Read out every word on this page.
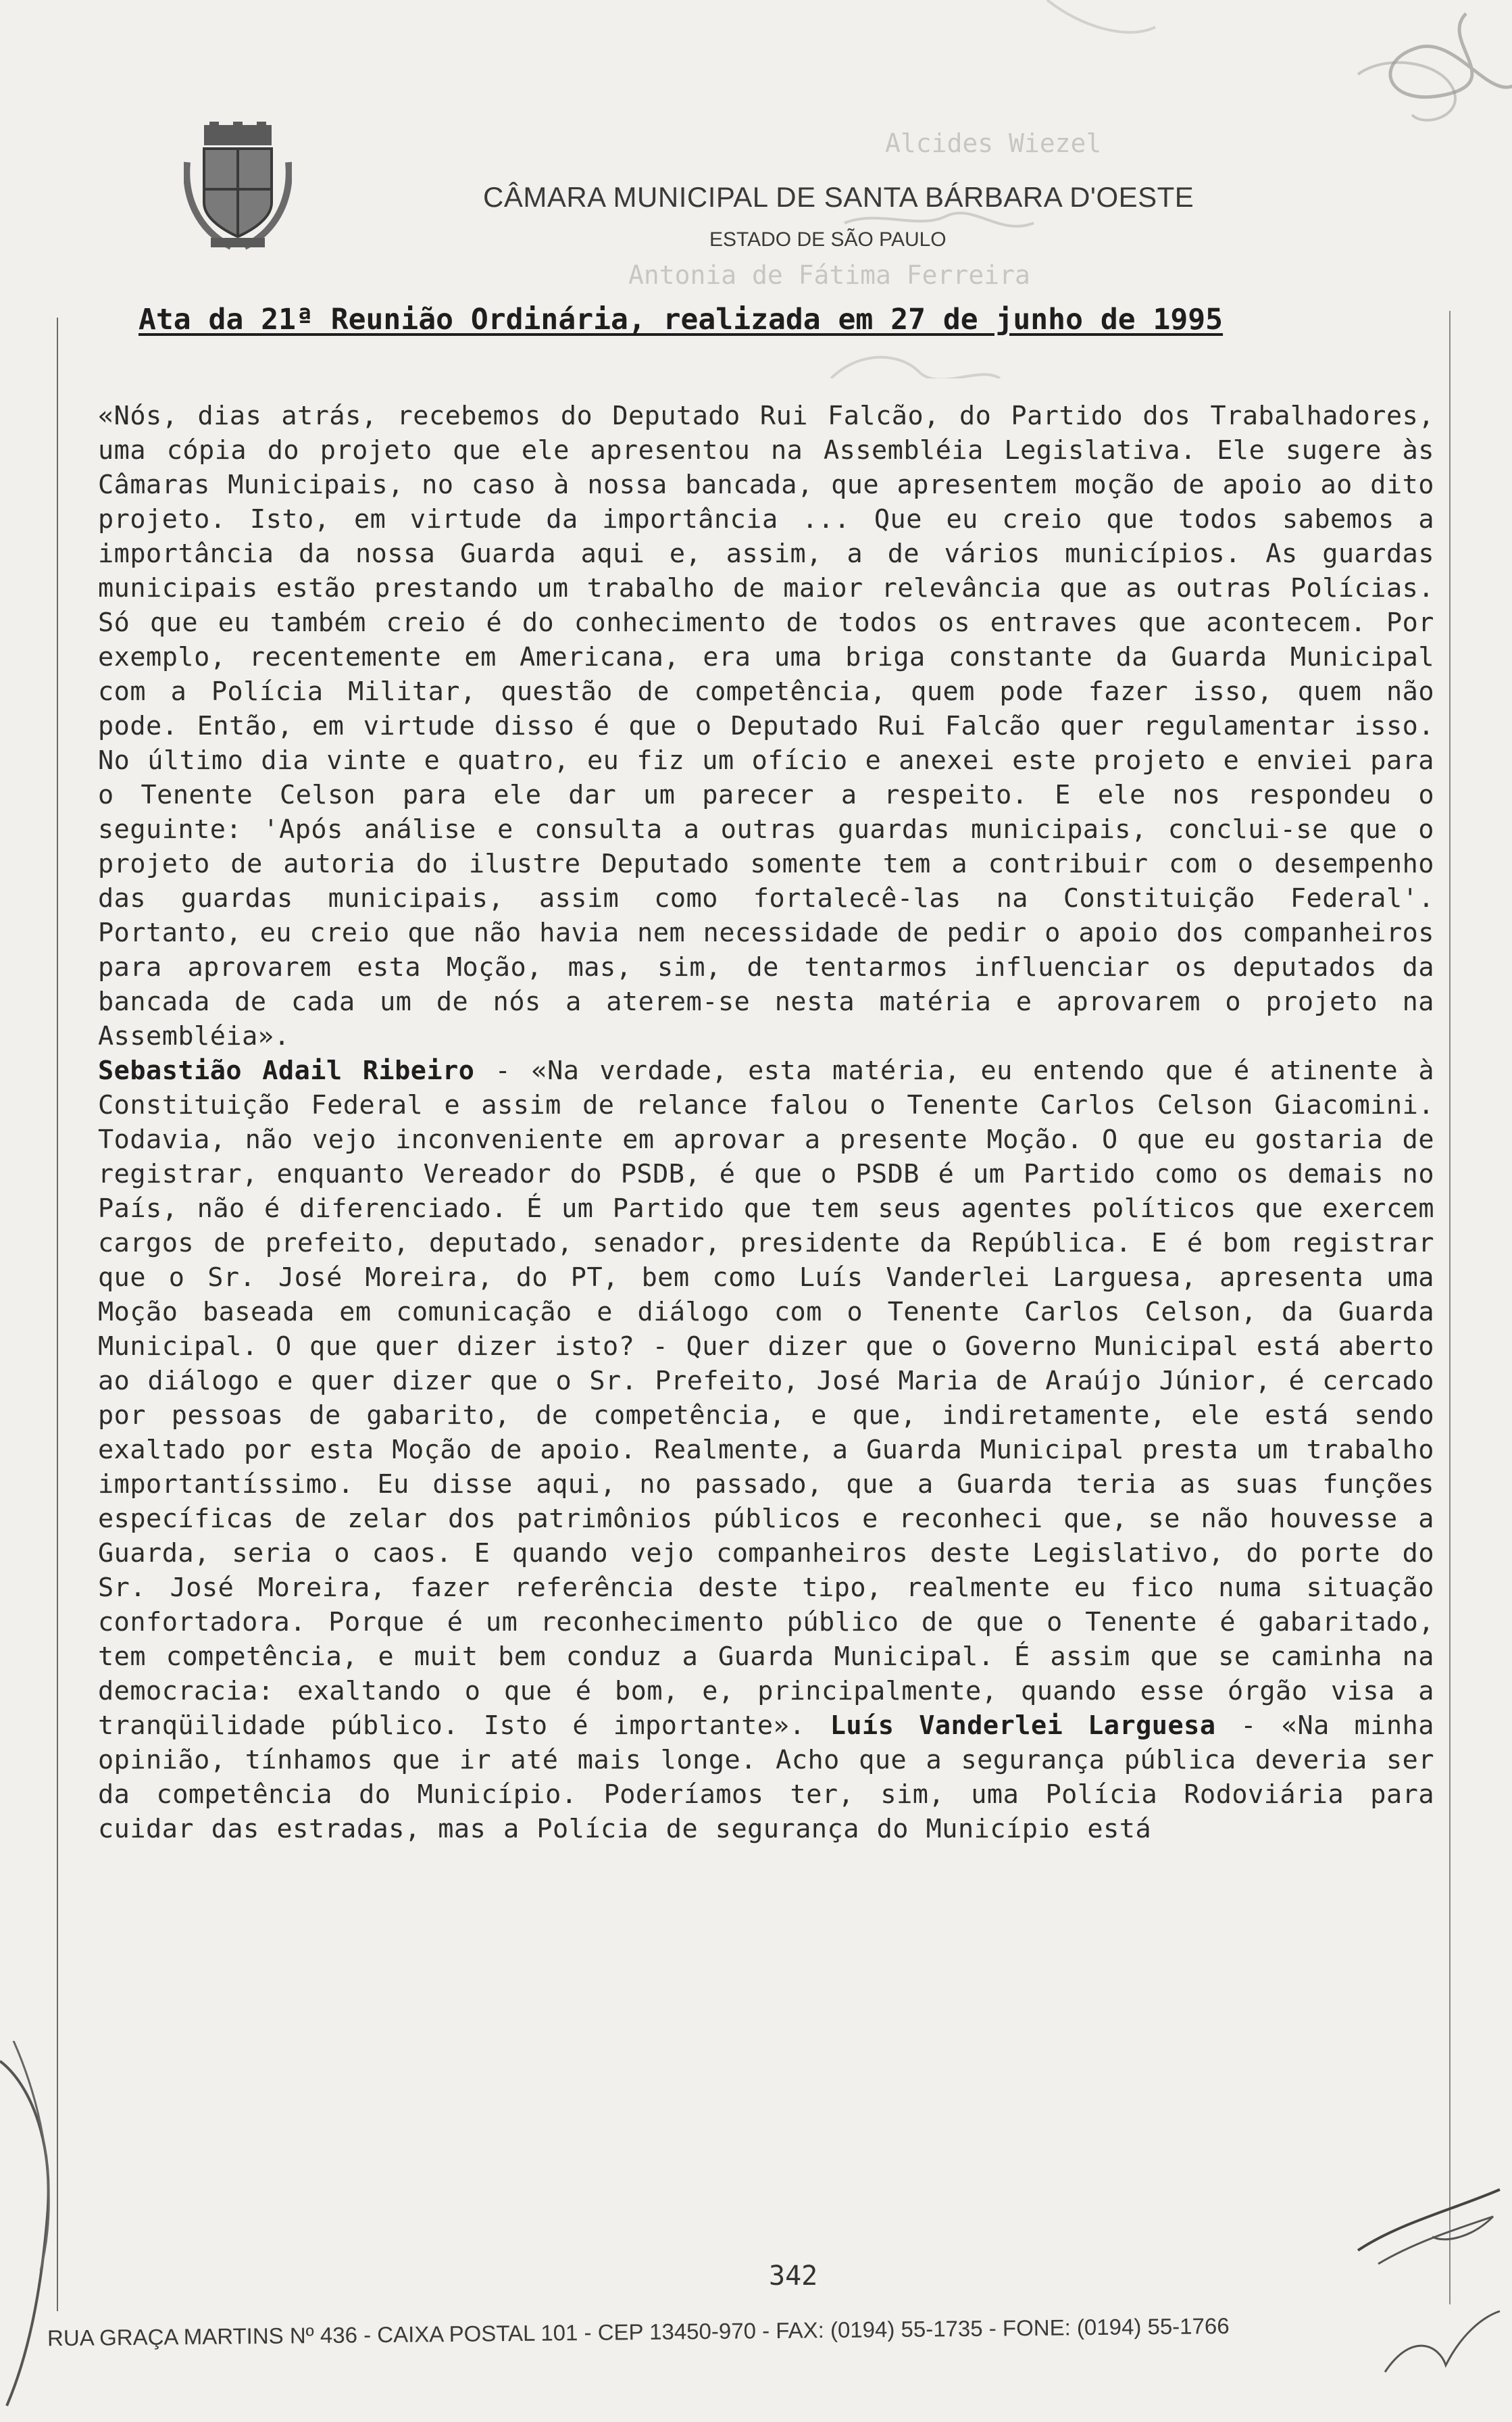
Alcides Wiezel
Antonia de Fátima Ferreira
CÂMARA MUNICIPAL DE SANTA BÁRBARA D'OESTE
ESTADO DE SÃO PAULO
Ata da 21ª Reunião Ordinária, realizada em 27 de junho de 1995

«Nós, dias atrás, recebemos do Deputado Rui Falcão, do Partido dos Trabalhadores, uma cópia do projeto que ele apresentou na Assembléia Legislativa. Ele sugere às Câmaras Municipais, no caso à nossa bancada, que apresentem moção de apoio ao dito projeto. Isto, em virtude da importância ... Que eu creio que todos sabemos a importância da nossa Guarda aqui e, assim, a de vários municípios. As guardas municipais estão prestando um trabalho de maior relevância que as outras Polícias. Só que eu também creio é do conhecimento de todos os entraves que acontecem. Por exemplo, recentemente em Americana, era uma briga constante da Guarda Municipal com a Polícia Militar, questão de competência, quem pode fazer isso, quem não pode. Então, em virtude disso é que o Deputado Rui Falcão quer regulamentar isso. No último dia vinte e quatro, eu fiz um ofício e anexei este projeto e enviei para o Tenente Celson para ele dar um parecer a respeito. E ele nos respondeu o seguinte: 'Após análise e consulta a outras guardas municipais, conclui-se que o projeto de autoria do ilustre Deputado somente tem a contribuir com o desempenho das guardas municipais, assim como fortalecê-las na Constituição Federal'. Portanto, eu creio que não havia nem necessidade de pedir o apoio dos companheiros para aprovarem esta Moção, mas, sim, de tentarmos influenciar os deputados da bancada de cada um de nós a aterem-se nesta matéria e aprovarem o projeto na Assembléia».
Sebastião Adail Ribeiro - «Na verdade, esta matéria, eu entendo que é atinente à Constituição Federal e assim de relance falou o Tenente Carlos Celson Giacomini. Todavia, não vejo inconveniente em aprovar a presente Moção. O que eu gostaria de registrar, enquanto Vereador do PSDB, é que o PSDB é um Partido como os demais no País, não é diferenciado. É um Partido que tem seus agentes políticos que exercem cargos de prefeito, deputado, senador, presidente da República. E é bom registrar que o Sr. José Moreira, do PT, bem como Luís Vanderlei Larguesa, apresenta uma Moção baseada em comunicação e diálogo com o Tenente Carlos Celson, da Guarda Municipal. O que quer dizer isto? - Quer dizer que o Governo Municipal está aberto ao diálogo e quer dizer que o Sr. Prefeito, José Maria de Araújo Júnior, é cercado por pessoas de gabarito, de competência, e que, indiretamente, ele está sendo exaltado por esta Moção de apoio. Realmente, a Guarda Municipal presta um trabalho importantíssimo. Eu disse aqui, no passado, que a Guarda teria as suas funções específicas de zelar dos patrimônios públicos e reconheci que, se não houvesse a Guarda, seria o caos. E quando vejo companheiros deste Legislativo, do porte do Sr. José Moreira, fazer referência deste tipo, realmente eu fico numa situação confortadora. Porque é um reconhecimento público de que o Tenente é gabaritado, tem competência, e muit bem conduz a Guarda Municipal. É assim que se caminha na democracia: exaltando o que é bom, e, principalmente, quando esse órgão visa a tranqüilidade público. Isto é importante». Luís Vanderlei Larguesa - «Na minha opinião, tínhamos que ir até mais longe. Acho que a segurança pública deveria ser da competência do Município. Poderíamos ter, sim, uma Polícia Rodoviária para cuidar das estradas, mas a Polícia de segurança do Município está

342
RUA GRAÇA MARTINS Nº 436 - CAIXA POSTAL 101 - CEP 13450-970 - FAX: (0194) 55-1735 - FONE: (0194) 55-1766
